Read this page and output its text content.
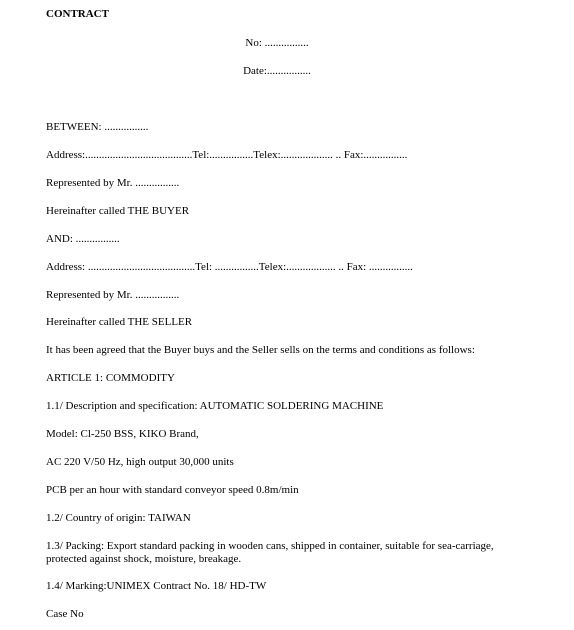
CONTRACT
No: ................
Date:................
BETWEEN: ................
Address:.......................................Tel:................Telex:................... .. Fax:................
Represented by Mr. ................
Hereinafter called THE BUYER
AND: ................
Address: .......................................Tel: ................Telex:.................. .. Fax: ................
Represented by Mr. ................
Hereinafter called THE SELLER
It has been agreed that the Buyer buys and the Seller sells on the terms and conditions as follows:
ARTICLE 1: COMMODITY
1.1/ Description and specification: AUTOMATIC SOLDERING MACHINE
Model: Cl-250 BSS, KIKO Brand,
AC 220 V/50 Hz, high output 30,000 units
PCB per an hour with standard conveyor speed 0.8m/min
1.2/ Country of origin: TAIWAN
1.3/ Packing: Export standard packing in wooden cans, shipped in container, suitable for sea-carriage, protected against shock, moisture, breakage.
1.4/ Marking:UNIMEX Contract No. 18/ HD-TW
Case No
